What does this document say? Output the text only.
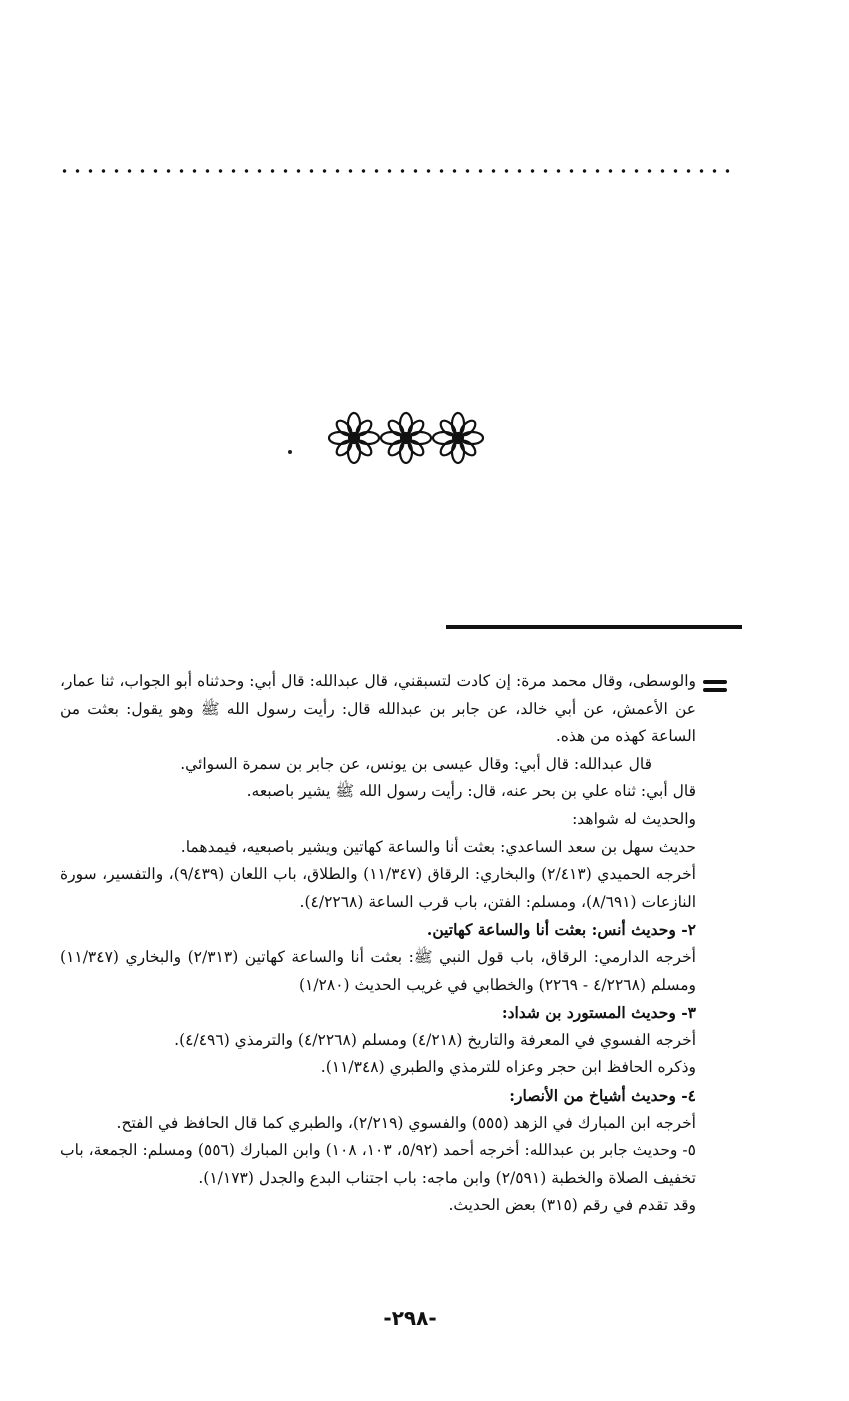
والوسطى، وقال محمد مرة: إن كادت لتسبقني، قال عبدالله: قال أبي: وحدثناه أبو الجواب، ثنا عمار، عن الأعمش، عن أبي خالد، عن جابر بن عبدالله قال: رأيت رسول الله ﷺ وهو يقول: بعثت من الساعة كهذه من هذه.

قال عبدالله: قال أبي: وقال عيسى بن يونس، عن جابر بن سمرة السوائي.

قال أبي: ثناه علي بن بحر عنه، قال: رأيت رسول الله ﷺ يشير باصبعه.

والحديث له شواهد:

حديث سهل بن سعد الساعدي: بعثت أنا والساعة كهاتين ويشير باصبعيه، فيمدهما.

أخرجه الحميدي (٢/٤١٣) والبخاري: الرقاق (١١/٣٤٧) والطلاق، باب اللعان (٩/٤٣٩)، والتفسير، سورة النازعات (٨/٦٩١)، ومسلم: الفتن، باب قرب الساعة (٤/٢٢٦٨).

٢- وحديث أنس: بعثت أنا والساعة كهاتين.

أخرجه الدارمي: الرقاق، باب قول النبي ﷺ: بعثت أنا والساعة كهاتين (٢/٣١٣) والبخاري (١١/٣٤٧) ومسلم (٤/٢٢٦٨ - ٢٢٦٩) والخطابي في غريب الحديث (١/٢٨٠)

٣- وحديث المستورد بن شداد:

أخرجه الفسوي في المعرفة والتاريخ (٤/٢١٨) ومسلم (٤/٢٢٦٨) والترمذي (٤/٤٩٦).

وذكره الحافظ ابن حجر وعزاه للترمذي والطبري (١١/٣٤٨).

٤- وحديث أشياخ من الأنصار:

أخرجه ابن المبارك في الزهد (٥٥٥) والفسوي (٢/٢١٩)، والطبري كما قال الحافظ في الفتح.

٥- وحديث جابر بن عبدالله: أخرجه أحمد (٥/٩٢، ١٠٣، ١٠٨) وابن المبارك (٥٥٦) ومسلم: الجمعة، باب تخفيف الصلاة والخطبة (٢/٥٩١) وابن ماجه: باب اجتناب البدع والجدل (١/١٧٣).

وقد تقدم في رقم (٣١٥) بعض الحديث.

-٢٩٨-
